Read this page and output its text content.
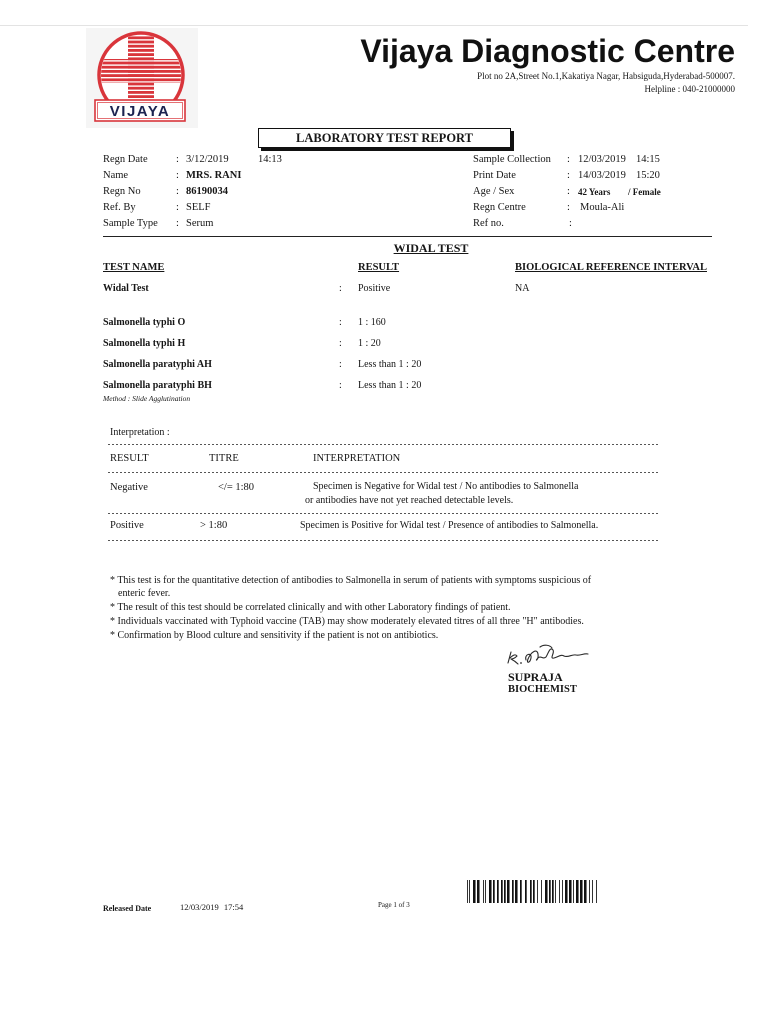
VIJAYA
Vijaya Diagnostic Centre
Plot no 2A,Street No.1,Kakatiya Nagar, Habsiguda,Hyderabad-500007.
Helpline : 040-21000000
LABORATORY TEST REPORT
Regn Date	: 3/12/2019	14:13
Name	: MRS. RANI
Regn No	: 86190034
Ref. By	: SELF
Sample Type : Serum
Sample Collection : 12/03/2019 14:15
Print Date	: 14/03/2019 15:20
Age / Sex	: 42 Years / Female
Regn Centre	: Moula-Ali
Ref no.	:
WIDAL TEST
TEST NAME	RESULT	BIOLOGICAL REFERENCE INTERVAL
Widal Test	: Positive	NA
Salmonella typhi O	: 1 : 160
Salmonella typhi H	: 1 : 20
Salmonella paratyphi AH	: Less than 1 : 20
Salmonella paratyphi BH	: Less than 1 : 20
Method : Slide Agglutination
Interpretation :
RESULT	TITRE	INTERPRETATION
Negative	</= 1:80	Specimen is Negative for Widal test / No antibodies to Salmonella
or antibodies have not yet reached detectable levels.
Positive	> 1:80	Specimen is Positive for Widal test / Presence of antibodies to Salmonella.
* This test is for the quantitative detection of antibodies to Salmonella in serum of patients with symptoms suspicious of
enteric fever.
* The result of this test should be correlated clinically and with other Laboratory findings of patient.
* Individuals vaccinated with Typhoid vaccine (TAB) may show moderately elevated titres of all three "H" antibodies.
* Confirmation by Blood culture and sensitivity if the patient is not on antibiotics.
SUPRAJA
BIOCHEMIST
Released Date	12/03/2019 17:54	Page 1 of 3
